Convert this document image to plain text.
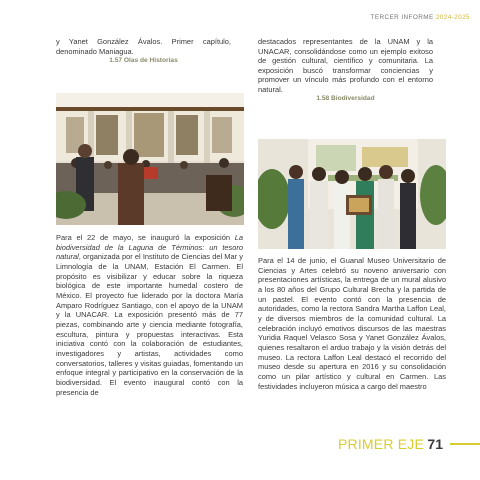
TERCER INFORME 2024-2025

y Yanet González Ávalos. Primer capítulo, denominado Maniagua.

1.57 Olas de Historias

destacados representantes de la UNAM y la UNACAR, consolidándose como un ejemplo exitoso de gestión cultural, científico y comunitaria. La exposición buscó transformar conciencias y promover un vínculo más profundo con el entorno natural.

1.58 Biodiversidad

Para el 22 de mayo, se inauguró la exposición La biodiversidad de la Laguna de Términos: un tesoro natural, organizada por el Instituto de Ciencias del Mar y Limnología de la UNAM, Estación El Carmen. El propósito es visibilizar y educar sobre la riqueza biológica de este importante humedal costero de México. El proyecto fue liderado por la doctora María Amparo Rodríguez Santiago, con el apoyo de la UNAM y la UNACAR. La exposición presentó más de 77 piezas, combinando arte y ciencia mediante fotografía, escultura, pintura y propuestas interactivas. Esta iniciativa contó con la colaboración de estudiantes, investigadores y artistas, actividades como conversatorios, talleres y visitas guiadas, fomentando un enfoque integral y participativo en la conservación de la biodiversidad. El evento inaugural contó con la presencia de

Para el 14 de junio, el Guanal Museo Universitario de Ciencias y Artes celebró su noveno aniversario con presentaciones artísticas, la entrega de un mural alusivo a los 80 años del Grupo Cultural Brecha y la partida de un pastel. El evento contó con la presencia de autoridades, como la rectora Sandra Martha Laffon Leal, y de diversos miembros de la comunidad cultural. La celebración incluyó emotivos discursos de las maestras Yuridia Raquel Velasco Sosa y Yanet González Ávalos, quienes resaltaron el arduo trabajo y la visión detrás del museo. La rectora Laffon Leal destacó el recorrido del museo desde su apertura en 2016 y su consolidación como un pilar artístico y cultural en Carmen. Las festividades incluyeron música a cargo del maestro

PRIMER EJE 71
